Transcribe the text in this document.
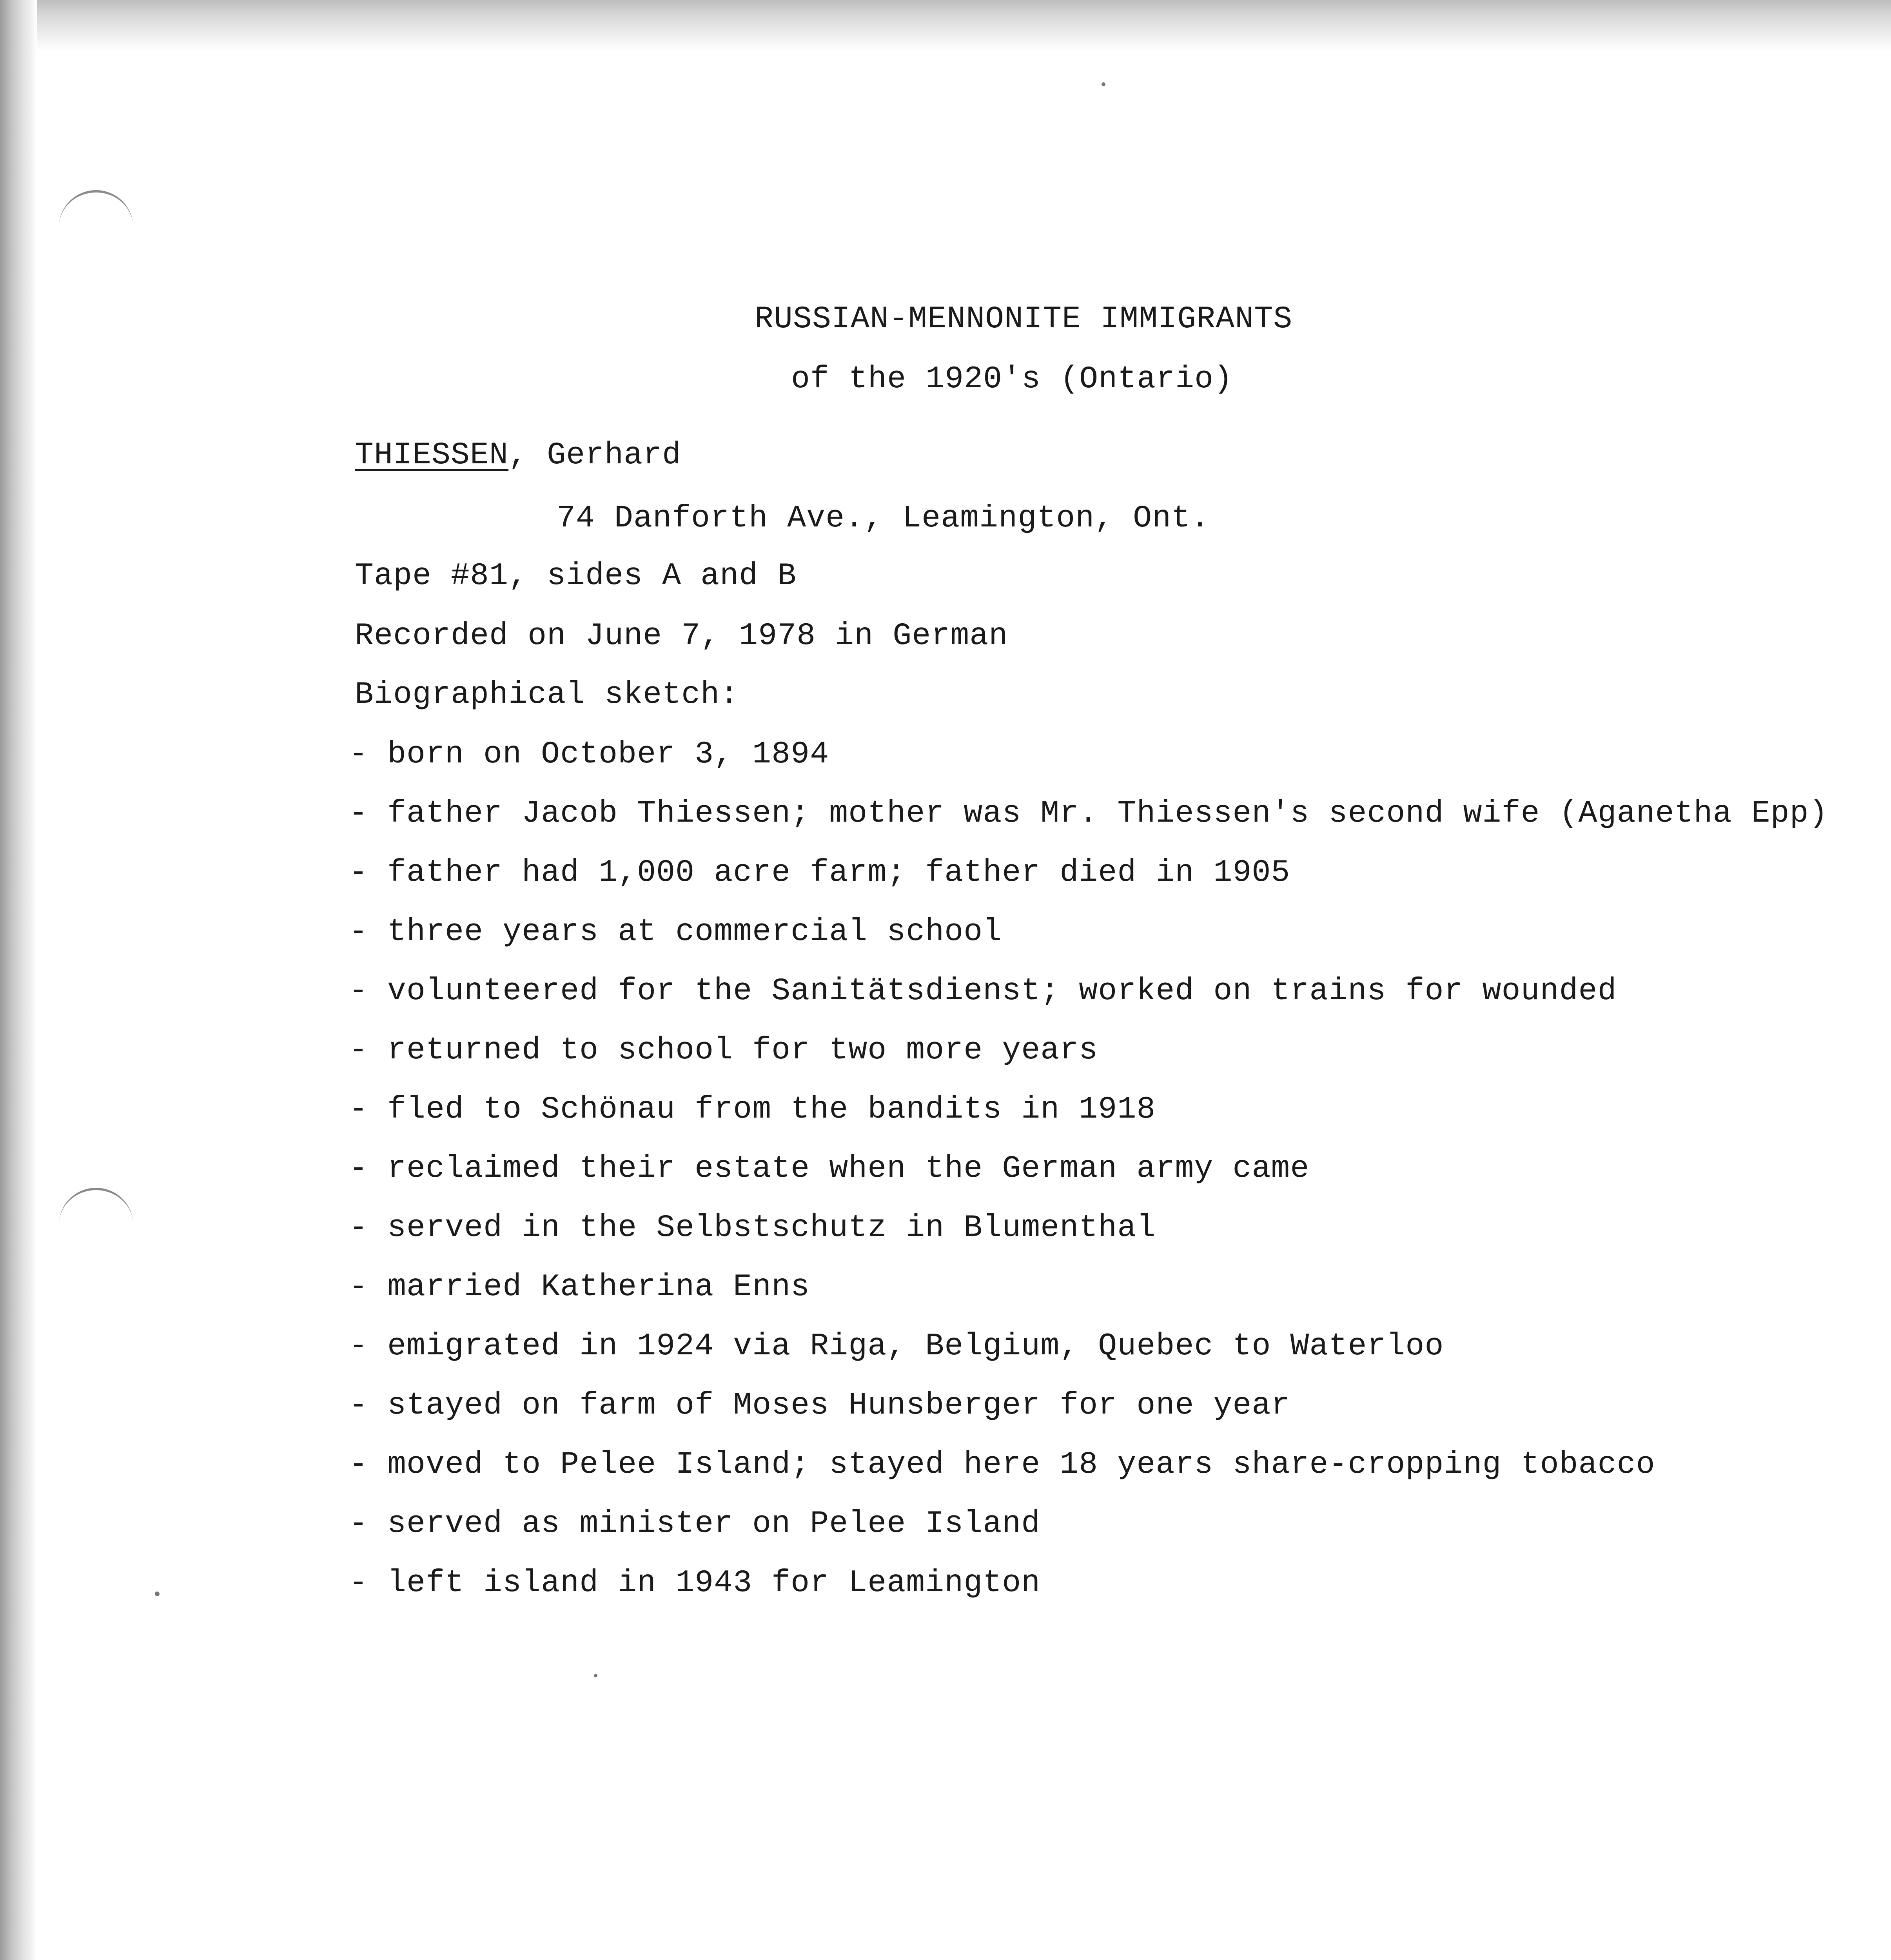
RUSSIAN-MENNONITE IMMIGRANTS

of the 1920's (Ontario)

THIESSEN, Gerhard

74 Danforth Ave., Leamington, Ont.

Tape #81, sides A and B

Recorded on June 7, 1978 in German

Biographical sketch:

- born on October 3, 1894
- father Jacob Thiessen; mother was Mr. Thiessen's second wife (Aganetha Epp)
- father had 1,000 acre farm; father died in 1905
- three years at commercial school
- volunteered for the Sanitätsdienst; worked on trains for wounded
- returned to school for two more years
- fled to Schönau from the bandits in 1918
- reclaimed their estate when the German army came
- served in the Selbstschutz in Blumenthal
- married Katherina Enns
- emigrated in 1924 via Riga, Belgium, Quebec to Waterloo
- stayed on farm of Moses Hunsberger for one year
- moved to Pelee Island; stayed here 18 years share-cropping tobacco
- served as minister on Pelee Island
- left island in 1943 for Leamington
